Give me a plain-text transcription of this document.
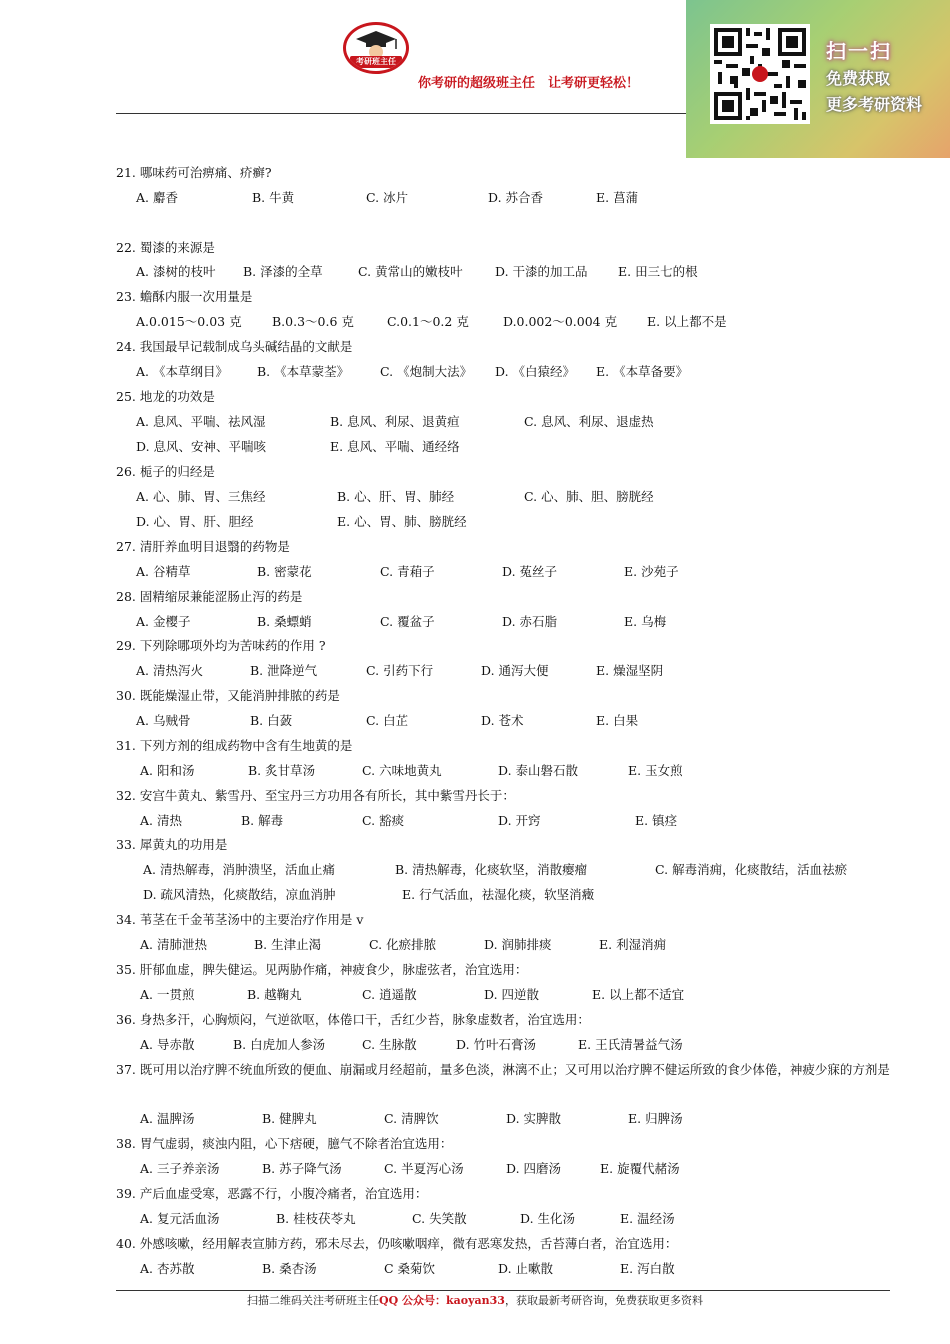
考研班主任
你考研的超级班主任　让考研更轻松！
扫一扫
免费获取
更多考研资料
21. 哪味药可治痹痛、疥癣?
A. 麝香	B. 牛黄	C. 冰片	D. 苏合香	E. 菖蒲
22. 蜀漆的来源是
A. 漆树的枝叶 B. 泽漆的全草	C. 黄常山的嫩枝叶	D. 干漆的加工品 E. 田三七的根
23. 蟾酥内服一次用量是
A.0.015～0.03 克 B.0.3～0.6 克	C.0.1～0.2 克	D.0.002～0.004 克 E. 以上都不是
24. 我国最早记载制成乌头碱结晶的文献是
A. 《本草纲目》 B. 《本草蒙荃》 C. 《炮制大法》 D. 《白猿经》 E. 《本草备要》
25. 地龙的功效是
A. 息风、平喘、祛风湿	B. 息风、利尿、退黄疸	C. 息风、利尿、退虚热
D. 息风、安神、平喘咳	E. 息风、平喘、通经络
26. 栀子的归经是
A. 心、肺、胃、三焦经	B. 心、肝、胃、肺经	C. 心、肺、胆、膀胱经
D. 心、胃、肝、胆经	E. 心、胃、肺、膀胱经
27. 清肝养血明目退翳的药物是
A. 谷精草	B. 密蒙花	C. 青葙子	D. 菟丝子	E. 沙苑子
28. 固精缩尿兼能涩肠止泻的药是
A. 金樱子	B. 桑螵蛸	C. 覆盆子	D. 赤石脂	E. 乌梅
29. 下列除哪项外均为苦味药的作用 ?
A. 清热泻火	B. 泄降逆气	C. 引药下行	D. 通泻大便	E. 燥湿坚阴
30. 既能燥湿止带，又能消肿排脓的药是
A. 乌贼骨	B. 白蔹	C. 白芷	D. 苍术	E. 白果
31. 下列方剂的组成药物中含有生地黄的是
A. 阳和汤	B. 炙甘草汤	C. 六味地黄丸	D. 泰山磐石散	E. 玉女煎
32. 安宫牛黄丸、紫雪丹、至宝丹三方功用各有所长，其中紫雪丹长于：
A. 清热	B. 解毒	C. 豁痰	D. 开窍	E. 镇痉
33. 犀黄丸的功用是
A. 清热解毒，消肿溃坚，活血止痛	B. 清热解毒，化痰软坚，消散瘿瘤	C. 解毒消痈，化痰散结，活血祛瘀
D. 疏风清热，化痰散结，凉血消肿	E. 行气活血，祛湿化痰，软坚消癥
34. 苇茎在千金苇茎汤中的主要治疗作用是 v
A. 清肺泄热	B. 生津止渴	C. 化瘀排脓	D. 润肺排痰	E. 利湿消痈
35. 肝郁血虚，脾失健运。见两胁作痛，神疲食少，脉虚弦者，治宜选用：
A. 一贯煎	B. 越鞠丸	C. 逍遥散	D. 四逆散	E. 以上都不适宜
36. 身热多汗，心胸烦闷，气逆欲呕，体倦口干，舌红少苔，脉象虚数者，治宜选用：
A. 导赤散	B. 白虎加人参汤	C. 生脉散	D. 竹叶石膏汤	E. 王氏清暑益气汤
37. 既可用以治疗脾不统血所致的便血、崩漏或月经超前，量多色淡，淋漓不止；又可用以治疗脾不健运所致的食少体倦，神疲少寐的方剂是
A. 温脾汤	B. 健脾丸	C. 清脾饮	D. 实脾散	E. 归脾汤
38. 胃气虚弱，痰浊内阻，心下痞硬，臆气不除者治宜选用：
A. 三子养亲汤	B. 苏子降气汤	C. 半夏泻心汤	D. 四磨汤	E. 旋覆代赭汤
39. 产后血虚受寒，恶露不行，小腹冷痛者，治宜选用：
A. 复元活血汤	B. 桂枝茯苓丸	C. 失笑散	D. 生化汤	E. 温经汤
40. 外感咳嗽，经用解表宣肺方药，邪未尽去，仍咳嗽咽痒，微有恶寒发热，舌苔薄白者，治宜选用：
A. 杏苏散	B. 桑杏汤	C 桑菊饮	D. 止嗽散	E. 泻白散
扫描二维码关注考研班主任QQ 公众号：kaoyan33，获取最新考研咨询，免费获取更多资料
